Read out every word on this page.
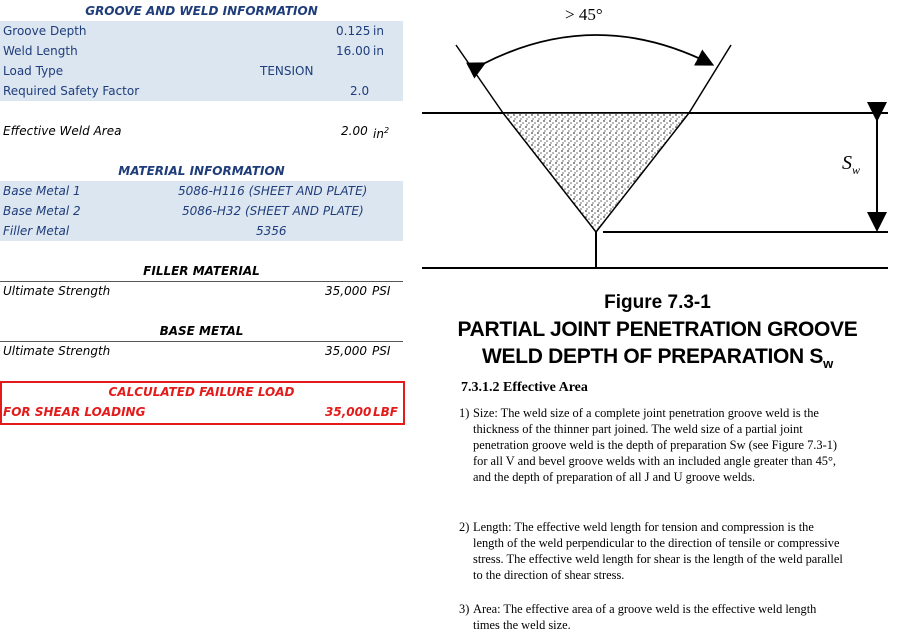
GROOVE AND WELD INFORMATION
Groove Depth	0.125 in
Weld Length	16.00 in
Load Type	TENSION
Required Safety Factor	2.0
Effective Weld Area	2.00 $in^2$
MATERIAL INFORMATION
Base Metal 1	5086-H116 (SHEET AND PLATE)
Base Metal 2	5086-H32 (SHEET AND PLATE)
Filler Metal	5356
FILLER MATERIAL
Ultimate Strength	35,000 PSI
BASE METAL
Ultimate Strength	35,000 PSI
CALCULATED FAILURE LOAD
FOR SHEAR LOADING	35,000 LBF
> 45°
$S_w$
Figure 7.3-1
PARTIAL JOINT PENETRATION GROOVE
WELD DEPTH OF PREPARATION $S_w$
7.3.1.2 Effective Area
1) Size: The weld size of a complete joint penetration groove weld is the thickness of the thinner part joined. The weld size of a partial joint penetration groove weld is the depth of preparation Sw (see Figure 7.3-1) for all V and bevel groove welds with an included angle greater than 45°, and the depth of preparation of all J and U groove welds.
2) Length: The effective weld length for tension and compression is the length of the weld perpendicular to the direction of tensile or compressive stress. The effective weld length for shear is the length of the weld parallel to the direction of shear stress.
3) Area: The effective area of a groove weld is the effective weld length times the weld size.
